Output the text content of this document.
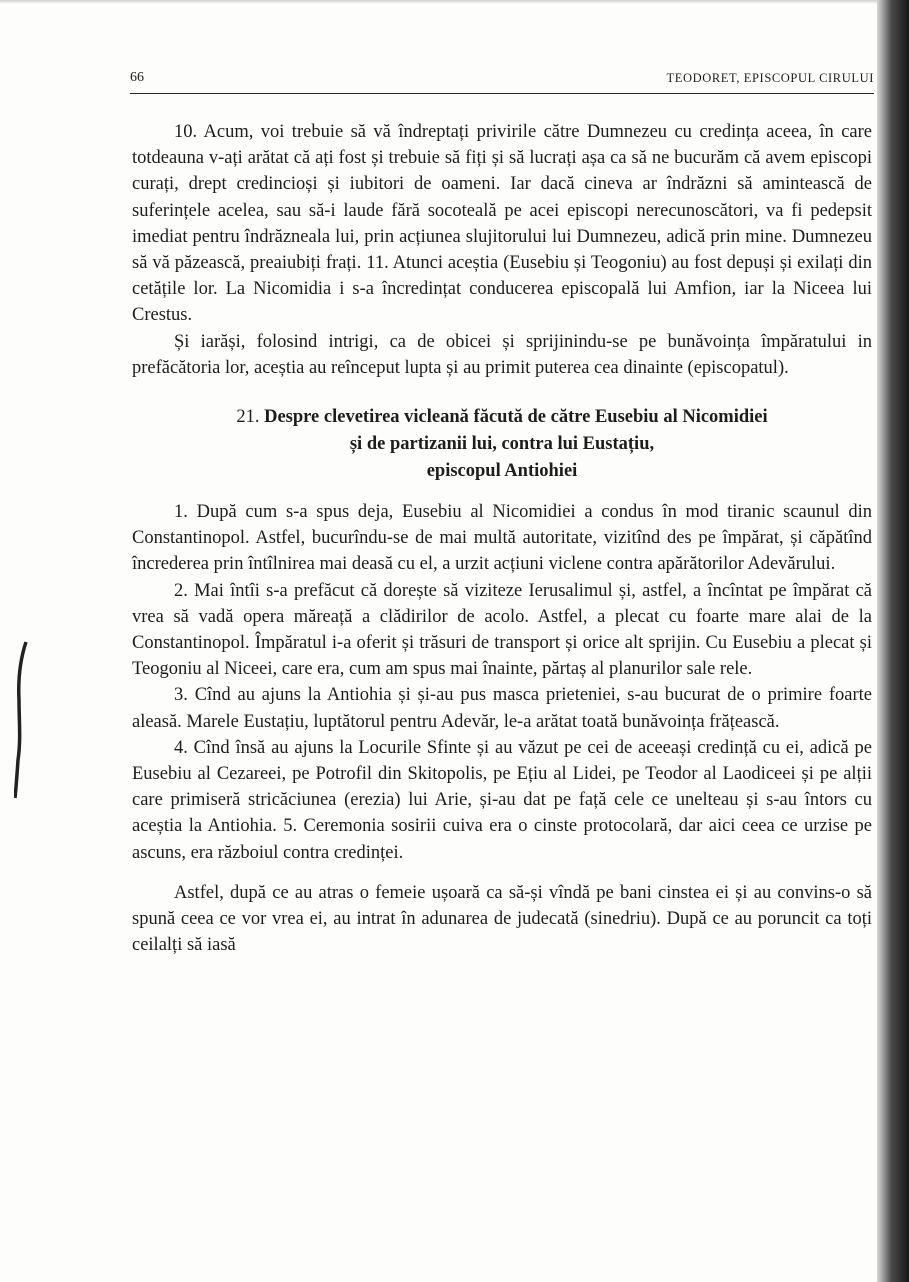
66	TEODORET, EPISCOPUL CIRULUI

10. Acum, voi trebuie să vă îndreptați privirile către Dumnezeu cu credința aceea, în care totdeauna v-ați arătat că ați fost și trebuie să fiți și să lucrați așa ca să ne bucurăm că avem episcopi curați, drept credincioși și iubitori de oameni. Iar dacă cineva ar îndrăzni să amintească de suferințele acelea, sau să-i laude fără socoteală pe acei episcopi nerecunoscători, va fi pedepsit imediat pentru îndrăzneala lui, prin acțiunea slujitorului lui Dumnezeu, adică prin mine. Dumnezeu să vă păzească, preaiubiți frați. 11. Atunci aceștia (Eusebiu și Teogoniu) au fost depuși și exilați din cetățile lor. La Nicomidia i s-a încredințat conducerea episcopală lui Amfion, iar la Niceea lui Crestus.

Și iarăși, folosind intrigi, ca de obicei și sprijinindu-se pe bunăvoința împăratului in prefăcătoria lor, aceștia au reînceput lupta și au primit puterea cea dinainte (episcopatul).

21. Despre clevetirea vicleană făcută de către Eusebiu al Nicomidiei
și de partizanii lui, contra lui Eustațiu,
episcopul Antiohiei

1. După cum s-a spus deja, Eusebiu al Nicomidiei a condus în mod tiranic scaunul din Constantinopol. Astfel, bucurîndu-se de mai multă autoritate, vizitînd des pe împărat, și căpătînd încrederea prin întîlnirea mai deasă cu el, a urzit acțiuni viclene contra apărătorilor Adevărului.

2. Mai întîi s-a prefăcut că dorește să viziteze Ierusalimul și, astfel, a încîntat pe împărat că vrea să vadă opera măreață a clădirilor de acolo. Astfel, a plecat cu foarte mare alai de la Constantinopol. Împăratul i-a oferit și trăsuri de transport și orice alt sprijin. Cu Eusebiu a plecat și Teogoniu al Niceei, care era, cum am spus mai înainte, părtaș al planurilor sale rele.

3. Cînd au ajuns la Antiohia și și-au pus masca prieteniei, s-au bucurat de o primire foarte aleasă. Marele Eustațiu, luptătorul pentru Adevăr, le-a arătat toată bunăvoința frățească.

4. Cînd însă au ajuns la Locurile Sfinte și au văzut pe cei de aceeași credință cu ei, adică pe Eusebiu al Cezareei, pe Potrofil din Skitopolis, pe Ețiu al Lidei, pe Teodor al Laodiceei și pe alții care primiseră stricăciunea (erezia) lui Arie, și-au dat pe față cele ce unelteau și s-au întors cu aceștia la Antiohia. 5. Ceremonia sosirii cuiva era o cinste protocolară, dar aici ceea ce urzise pe ascuns, era războiul contra credinței.

Astfel, după ce au atras o femeie ușoară ca să-și vîndă pe bani cinstea ei și au convins-o să spună ceea ce vor vrea ei, au intrat în adunarea de judecată (sinedriu). După ce au poruncit ca toți ceilalți să iasă
